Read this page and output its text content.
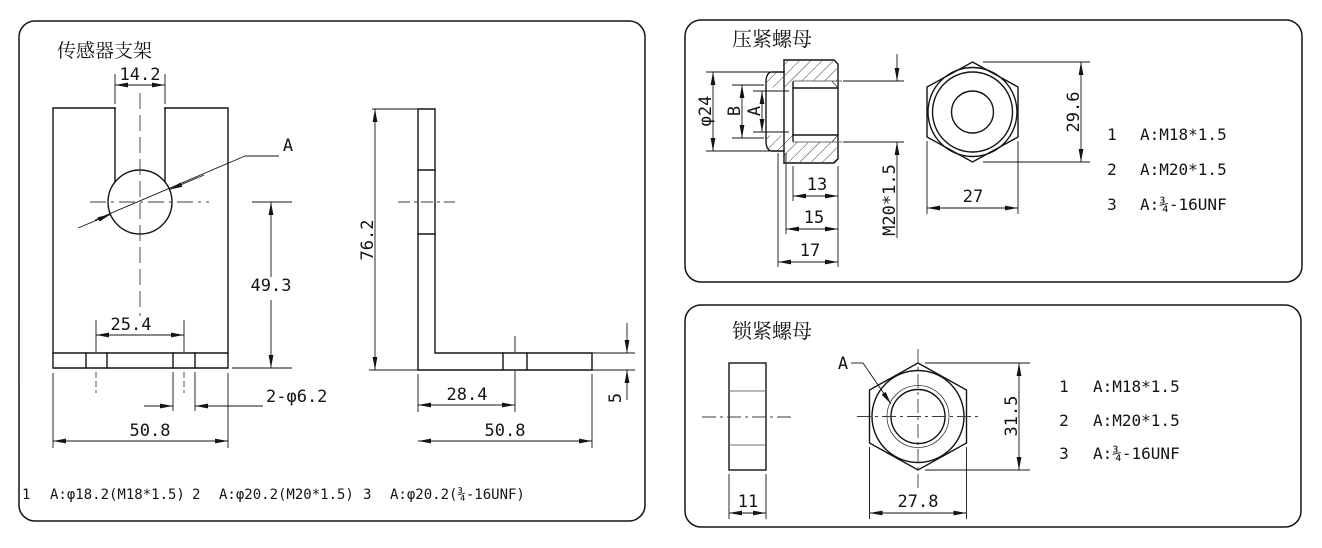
传感器支架
14.2
A
49.3
25.4
2-φ6.2
50.8
76.2
28.4
50.8
5
1 A:φ18.2(M18*1.5) 2 A:φ20.2(M20*1.5) 3 A:φ20.2(¾-16UNF)
压紧螺母
φ24 B A
13
15
17
M20*1.5
29.6
27
1 A:M18*1.5
2 A:M20*1.5
3 A:¾-16UNF
锁紧螺母
11
A
27.8
31.5
1 A:M18*1.5
2 A:M20*1.5
3 A:¾-16UNF
